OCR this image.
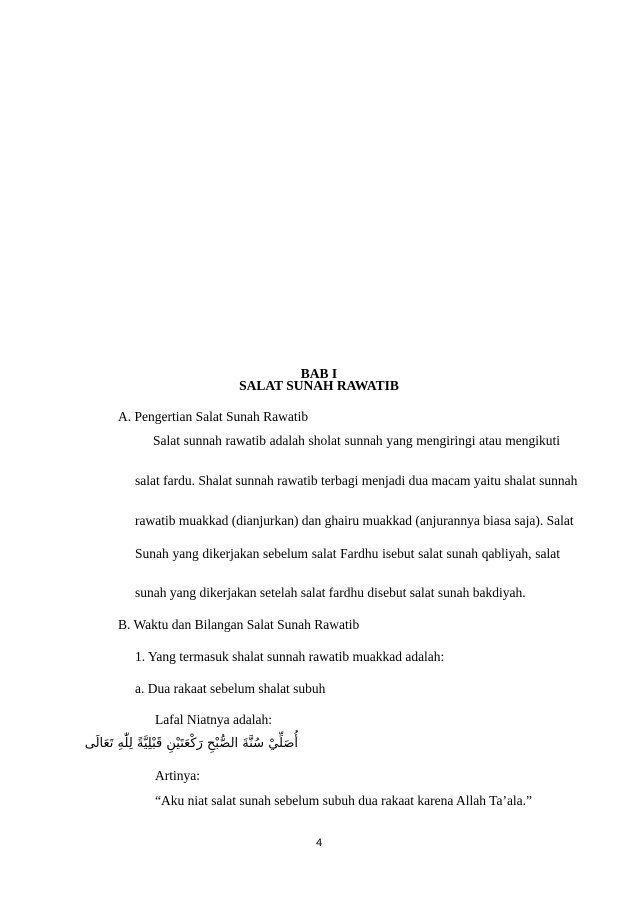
BAB I
SALAT SUNAH RAWATIB
A. Pengertian Salat Sunah Rawatib
Salat sunnah rawatib adalah sholat sunnah yang mengiringi atau mengikuti
salat fardu. Shalat sunnah rawatib terbagi menjadi dua macam yaitu shalat sunnah
rawatib muakkad (dianjurkan) dan ghairu muakkad (anjurannya biasa saja). Salat
Sunah yang dikerjakan sebelum salat Fardhu isebut salat sunah qabliyah, salat
sunah yang dikerjakan setelah salat fardhu disebut salat sunah bakdiyah.
B. Waktu dan Bilangan Salat Sunah Rawatib
1. Yang termasuk shalat sunnah rawatib muakkad adalah:
a. Dua rakaat sebelum shalat subuh
Lafal Niatnya adalah:
أُصَلِّيْ سُنَّةَ الصُّبْحِ رَكْعَتَيْنِ قَبْلِيَّةً لِلّٰهِ تَعَالَى
Artinya:
“Aku niat salat sunah sebelum subuh dua rakaat karena Allah Ta’ala.”
4
